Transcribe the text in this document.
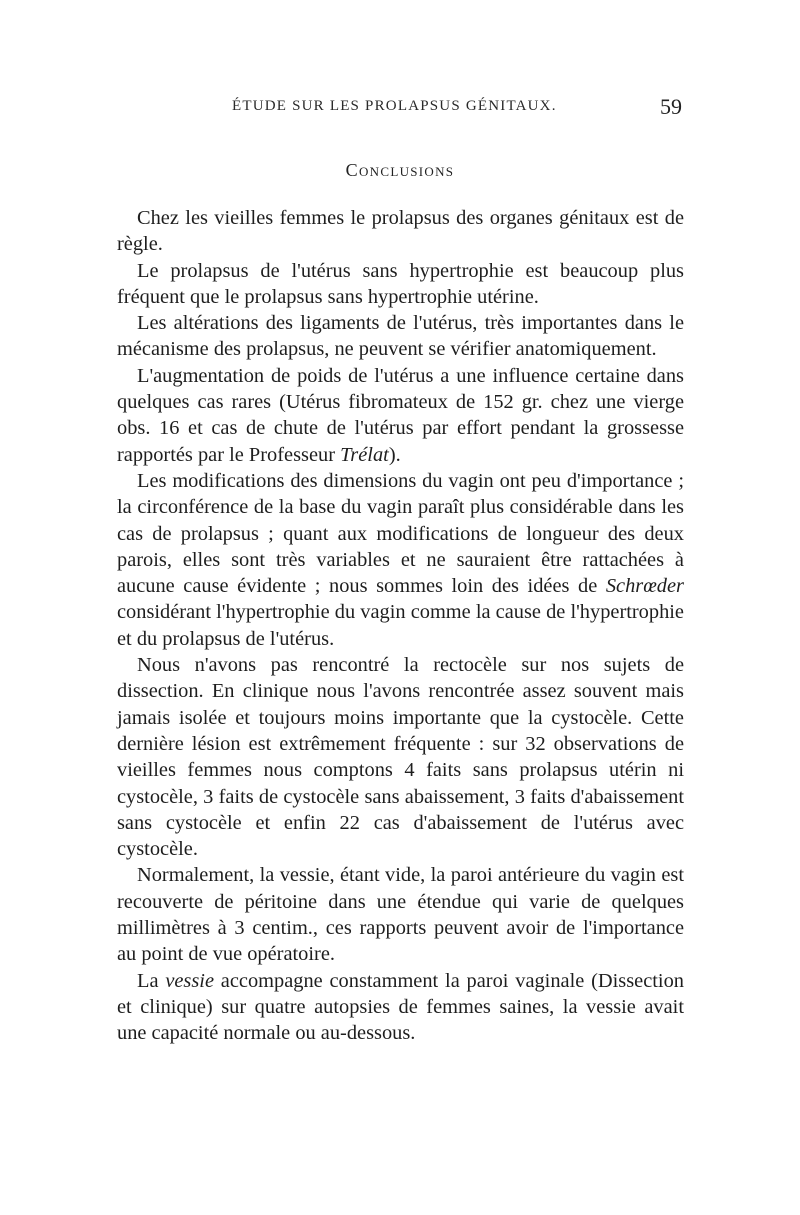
ÉTUDE SUR LES PROLAPSUS GÉNITAUX.	59
Conclusions

Chez les vieilles femmes le prolapsus des organes génitaux est de règle.

Le prolapsus de l'utérus sans hypertrophie est beaucoup plus fréquent que le prolapsus sans hypertrophie utérine.

Les altérations des ligaments de l'utérus, très importantes dans le mécanisme des prolapsus, ne peuvent se vérifier anatomiquement.

L'augmentation de poids de l'utérus a une influence certaine dans quelques cas rares (Utérus fibromateux de 152 gr. chez une vierge obs. 16 et cas de chute de l'utérus par effort pendant la grossesse rapportés par le Professeur Trélat).

Les modifications des dimensions du vagin ont peu d'importance ; la circonférence de la base du vagin paraît plus considérable dans les cas de prolapsus ; quant aux modifications de longueur des deux parois, elles sont très variables et ne sauraient être rattachées à aucune cause évidente ; nous sommes loin des idées de Schrœder considérant l'hypertrophie du vagin comme la cause de l'hypertrophie et du prolapsus de l'utérus.

Nous n'avons pas rencontré la rectocèle sur nos sujets de dissection. En clinique nous l'avons rencontrée assez souvent mais jamais isolée et toujours moins importante que la cystocèle. Cette dernière lésion est extrêmement fréquente : sur 32 observations de vieilles femmes nous comptons 4 faits sans prolapsus utérin ni cystocèle, 3 faits de cystocèle sans abaissement, 3 faits d'abaissement sans cystocèle et enfin 22 cas d'abaissement de l'utérus avec cystocèle.

Normalement, la vessie, étant vide, la paroi antérieure du vagin est recouverte de péritoine dans une étendue qui varie de quelques millimètres à 3 centim., ces rapports peuvent avoir de l'importance au point de vue opératoire.

La vessie accompagne constamment la paroi vaginale (Dissection et clinique) sur quatre autopsies de femmes saines, la vessie avait une capacité normale ou au-dessous.
